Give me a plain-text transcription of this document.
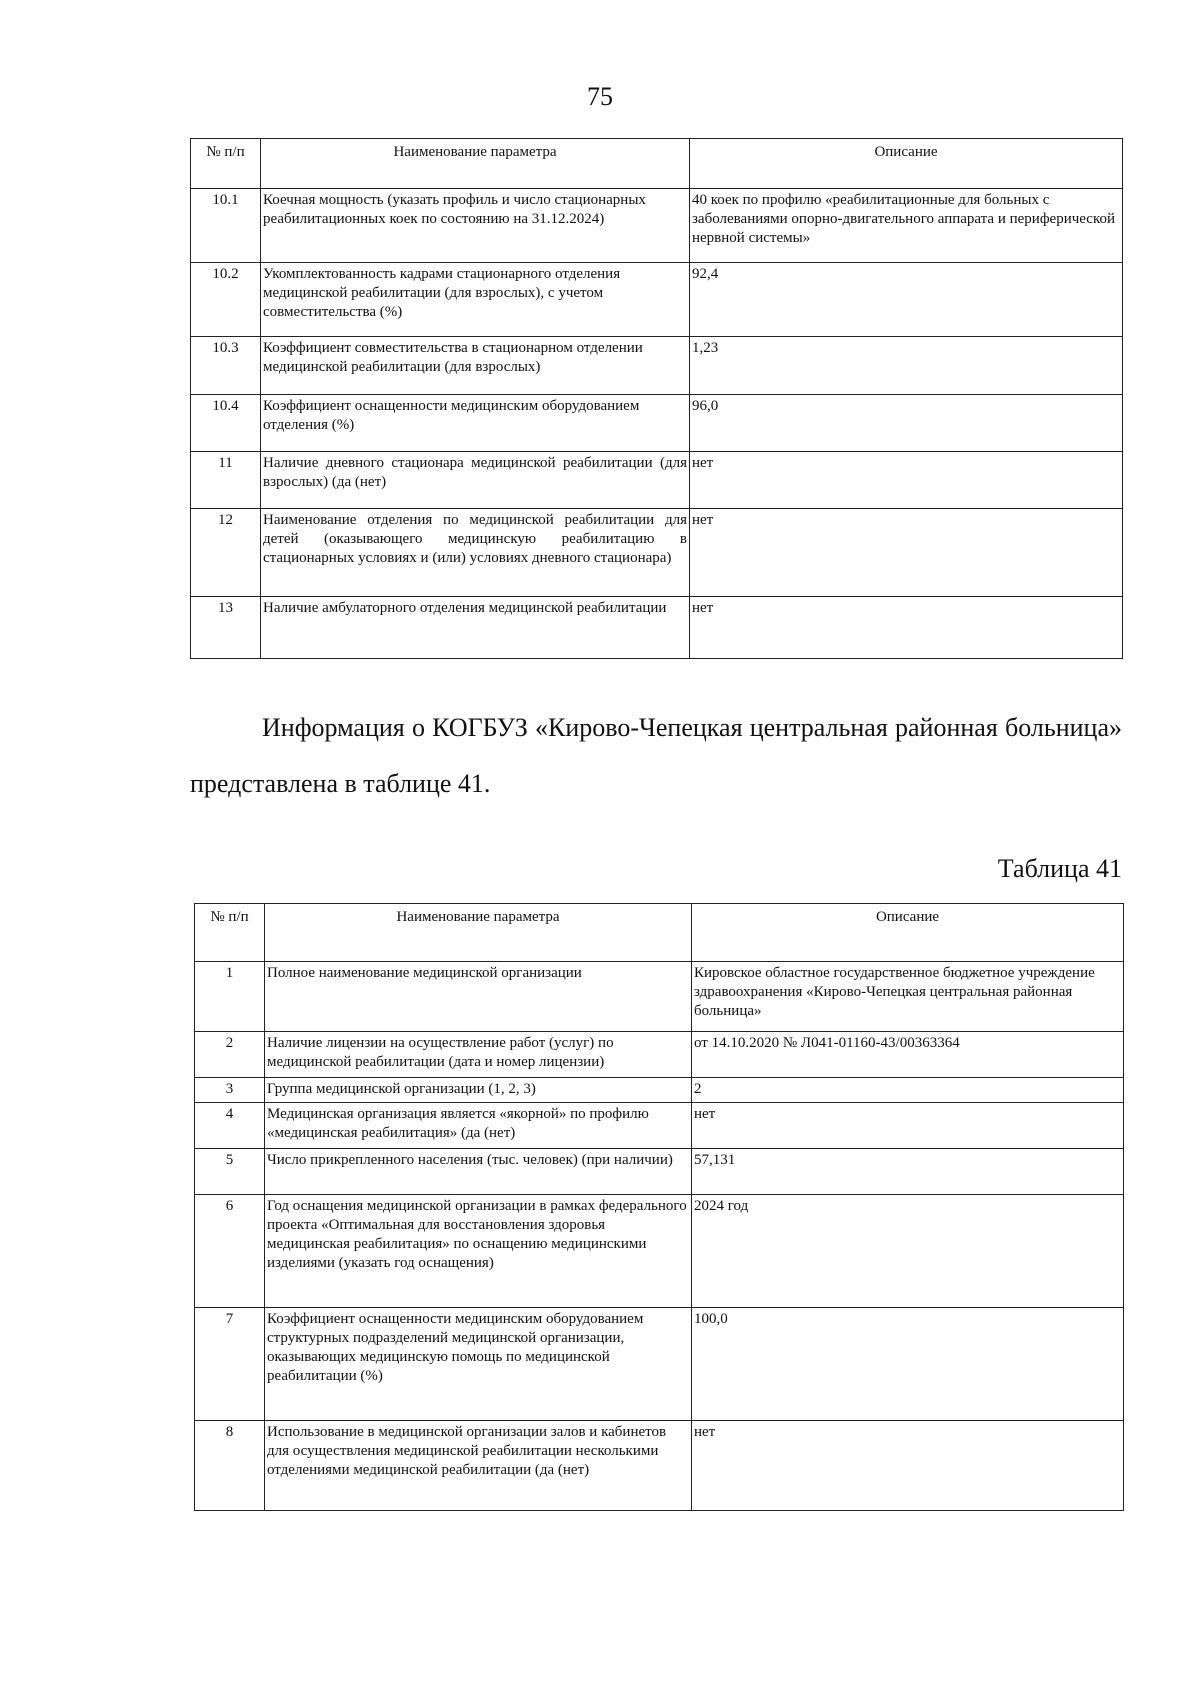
75
№ п/п	Наименование параметра	Описание
10.1	Коечная мощность (указать профиль и число стационарных реабилитационных коек по состоянию на 31.12.2024)	40 коек по профилю «реабилитационные для больных с заболеваниями опорно-двигательного аппарата и периферической нервной системы»
10.2	Укомплектованность кадрами стационарного отделения медицинской реабилитации (для взрослых), с учетом совместительства (%)	92,4
10.3	Коэффициент совместительства в стационарном отделении медицинской реабилитации (для взрослых)	1,23
10.4	Коэффициент оснащенности медицинским оборудованием отделения (%)	96,0
11	Наличие дневного стационара медицинской реабилитации (для взрослых) (да (нет)	нет
12	Наименование отделения по медицинской реабилитации для детей (оказывающего медицинскую реабилитацию в стационарных условиях и (или) условиях дневного стационара)	нет
13	Наличие амбулаторного отделения медицинской реабилитации	нет
Информация о КОГБУЗ «Кирово-Чепецкая центральная районная больница» представлена в таблице 41.
Таблица 41
№ п/п	Наименование параметра	Описание
1	Полное наименование медицинской организации	Кировское областное государственное бюджетное учреждение здравоохранения «Кирово-Чепецкая центральная районная больница»
2	Наличие лицензии на осуществление работ (услуг) по медицинской реабилитации (дата и номер лицензии)	от 14.10.2020 № Л041-01160-43/00363364
3	Группа медицинской организации (1, 2, 3)	2
4	Медицинская организация является «якорной» по профилю «медицинская реабилитация» (да (нет)	нет
5	Число прикрепленного населения (тыс. человек) (при наличии)	57,131
6	Год оснащения медицинской организации в рамках федерального проекта «Оптимальная для восстановления здоровья медицинская реабилитация» по оснащению медицинскими изделиями (указать год оснащения)	2024 год
7	Коэффициент оснащенности медицинским оборудованием структурных подразделений медицинской организации, оказывающих медицинскую помощь по медицинской реабилитации (%)	100,0
8	Использование в медицинской организации залов и кабинетов для осуществления медицинской реабилитации несколькими отделениями медицинской реабилитации (да (нет)	нет
